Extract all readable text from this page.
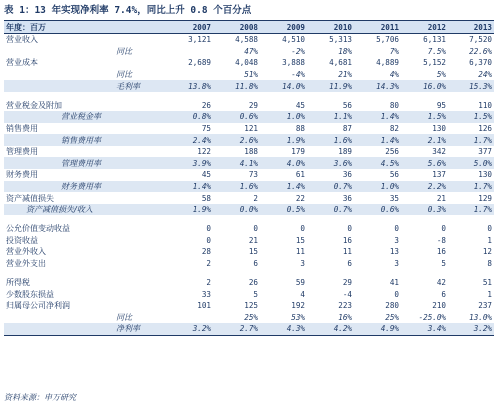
表 1：13 年实现净利率 7.4%，同比上升 0.8 个百分点
年度：百万	2007	2008	2009	2010	2011	2012	2013
营业收入	3,121	4,588	4,510	5,313	5,706	6,131	7,520
同比		47%	-2%	18%	7%	7.5%	22.6%
营业成本	2,689	4,048	3,888	4,681	4,889	5,152	6,370
同比		51%	-4%	21%	4%	5%	24%
毛利率	13.8%	11.8%	14.0%	11.9%	14.3%	16.0%	15.3%

营业税金及附加	26	29	45	56	80	95	110
营业税金率	0.8%	0.6%	1.0%	1.1%	1.4%	1.5%	1.5%
销售费用	75	121	88	87	82	130	126
销售费用率	2.4%	2.6%	1.9%	1.6%	1.4%	2.1%	1.7%
管理费用	122	188	179	189	256	342	377
管理费用率	3.9%	4.1%	4.0%	3.6%	4.5%	5.6%	5.0%
财务费用	45	73	61	36	56	137	130
财务费用率	1.4%	1.6%	1.4%	0.7%	1.0%	2.2%	1.7%
资产减值损失	58	2	22	36	35	21	129
资产减值损失/收入	1.9%	0.0%	0.5%	0.7%	0.6%	0.3%	1.7%

公允价值变动收益	0	0	0	0	0	0	0
投资收益	0	21	15	16	3	-8	1
营业外收入	28	15	11	11	13	16	12
营业外支出	2	6	3	6	3	5	8

所得税	2	26	59	29	41	42	51
少数股东损益	33	5	4	-4	0	6	1
归属母公司净利润	101	125	192	223	280	210	237
同比		25%	53%	16%	25%	-25.0%	13.0%
净利率	3.2%	2.7%	4.3%	4.2%	4.9%	3.4%	3.2%
资料来源：申万研究
